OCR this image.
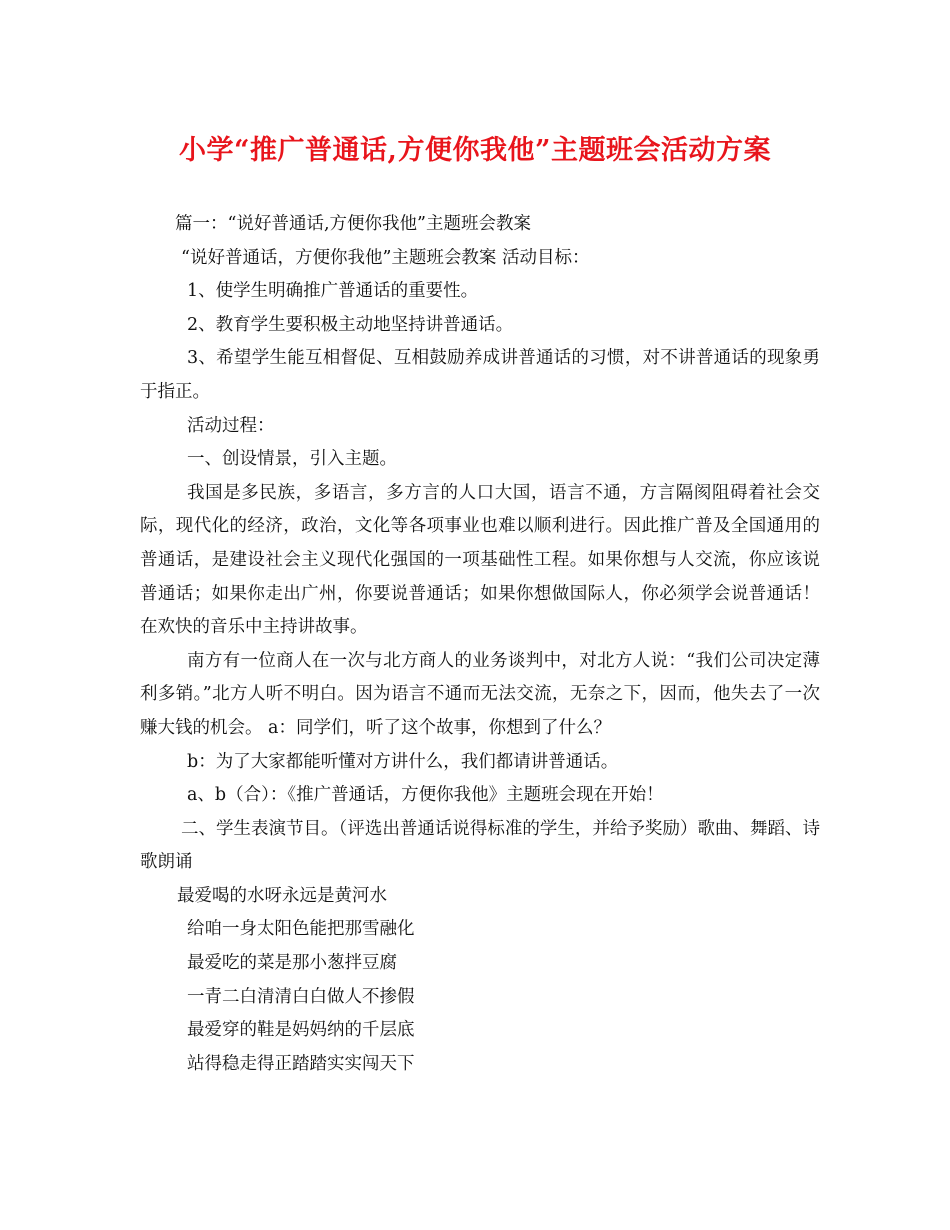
小学“推广普通话,方便你我他”主题班会活动方案

篇一：“说好普通话,方便你我他”主题班会教案

“说好普通话，方便你我他”主题班会教案 活动目标：

1、使学生明确推广普通话的重要性。

2、教育学生要积极主动地坚持讲普通话。

3、希望学生能互相督促、互相鼓励养成讲普通话的习惯，对不讲普通话的现象勇于指正。

活动过程：

一、创设情景，引入主题。

我国是多民族，多语言，多方言的人口大国，语言不通，方言隔阂阻碍着社会交际，现代化的经济，政治，文化等各项事业也难以顺利进行。因此推广普及全国通用的普通话，是建设社会主义现代化强国的一项基础性工程。如果你想与人交流，你应该说普通话；如果你走出广州，你要说普通话；如果你想做国际人，你必须学会说普通话！ 在欢快的音乐中主持讲故事。

南方有一位商人在一次与北方商人的业务谈判中，对北方人说：“我们公司决定薄利多销。”北方人听不明白。因为语言不通而无法交流，无奈之下，因而，他失去了一次赚大钱的机会。 a：同学们，听了这个故事，你想到了什么？

b：为了大家都能听懂对方讲什么，我们都请讲普通话。

a、b（合）：《推广普通话，方便你我他》主题班会现在开始！

二、学生表演节目。（评选出普通话说得标准的学生，并给予奖励）歌曲、舞蹈、诗歌朗诵

最爱喝的水呀永远是黄河水

给咱一身太阳色能把那雪融化

最爱吃的菜是那小葱拌豆腐

一青二白清清白白做人不掺假

最爱穿的鞋是妈妈纳的千层底

站得稳走得正踏踏实实闯天下
